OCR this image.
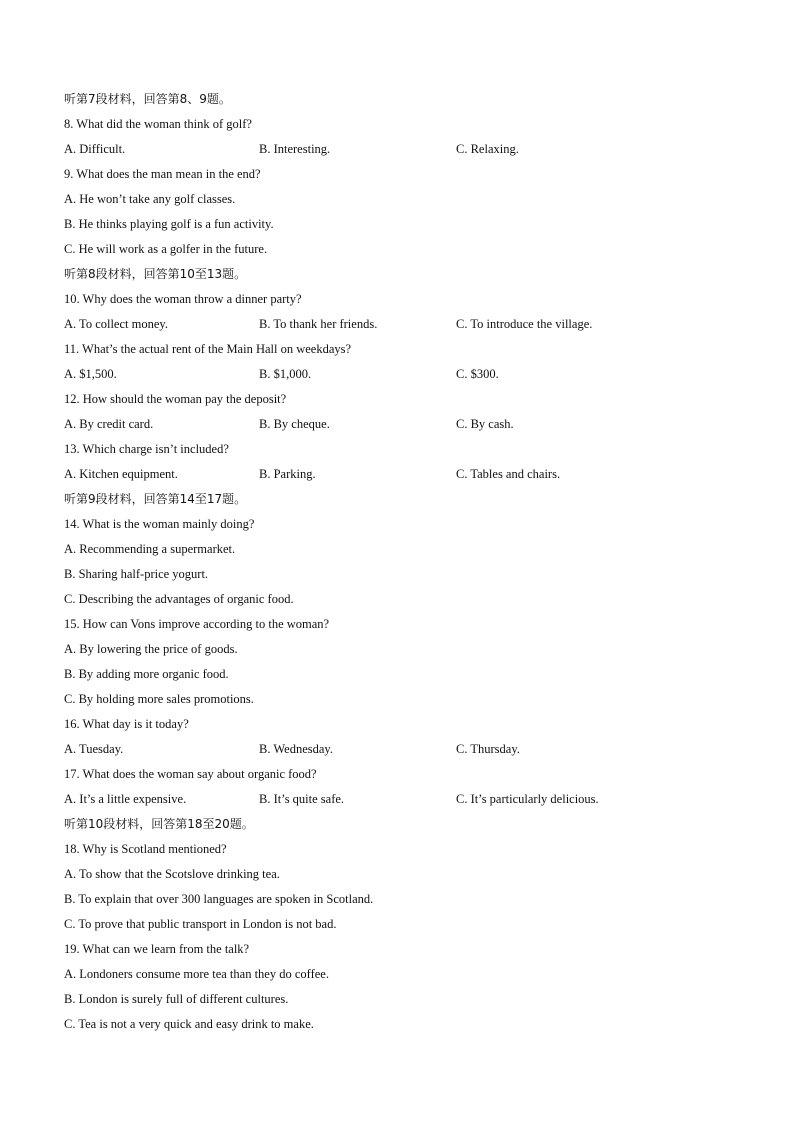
听第7段材料，回答第8、9题。
8. What did the woman think of golf?
A. Difficult.	B. Interesting.	C. Relaxing.
9. What does the man mean in the end?
A. He won’t take any golf classes.
B. He thinks playing golf is a fun activity.
C. He will work as a golfer in the future.
听第8段材料，回答第10至13题。
10. Why does the woman throw a dinner party?
A. To collect money.	B. To thank her friends.	C. To introduce the village.
11. What’s the actual rent of the Main Hall on weekdays?
A. $1,500.	B. $1,000.	C. $300.
12. How should the woman pay the deposit?
A. By credit card.	B. By cheque.	C. By cash.
13. Which charge isn’t included?
A. Kitchen equipment.	B. Parking.	C. Tables and chairs.
听第9段材料，回答第14至17题。
14. What is the woman mainly doing?
A. Recommending a supermarket.
B. Sharing half-price yogurt.
C. Describing the advantages of organic food.
15. How can Vons improve according to the woman?
A. By lowering the price of goods.
B. By adding more organic food.
C. By holding more sales promotions.
16. What day is it today?
A. Tuesday.	B. Wednesday.	C. Thursday.
17. What does the woman say about organic food?
A. It’s a little expensive.	B. It’s quite safe.	C. It’s particularly delicious.
听第10段材料，回答第18至20题。
18. Why is Scotland mentioned?
A. To show that the Scotslove drinking tea.
B. To explain that over 300 languages are spoken in Scotland.
C. To prove that public transport in London is not bad.
19. What can we learn from the talk?
A. Londoners consume more tea than they do coffee.
B. London is surely full of different cultures.
C. Tea is not a very quick and easy drink to make.
